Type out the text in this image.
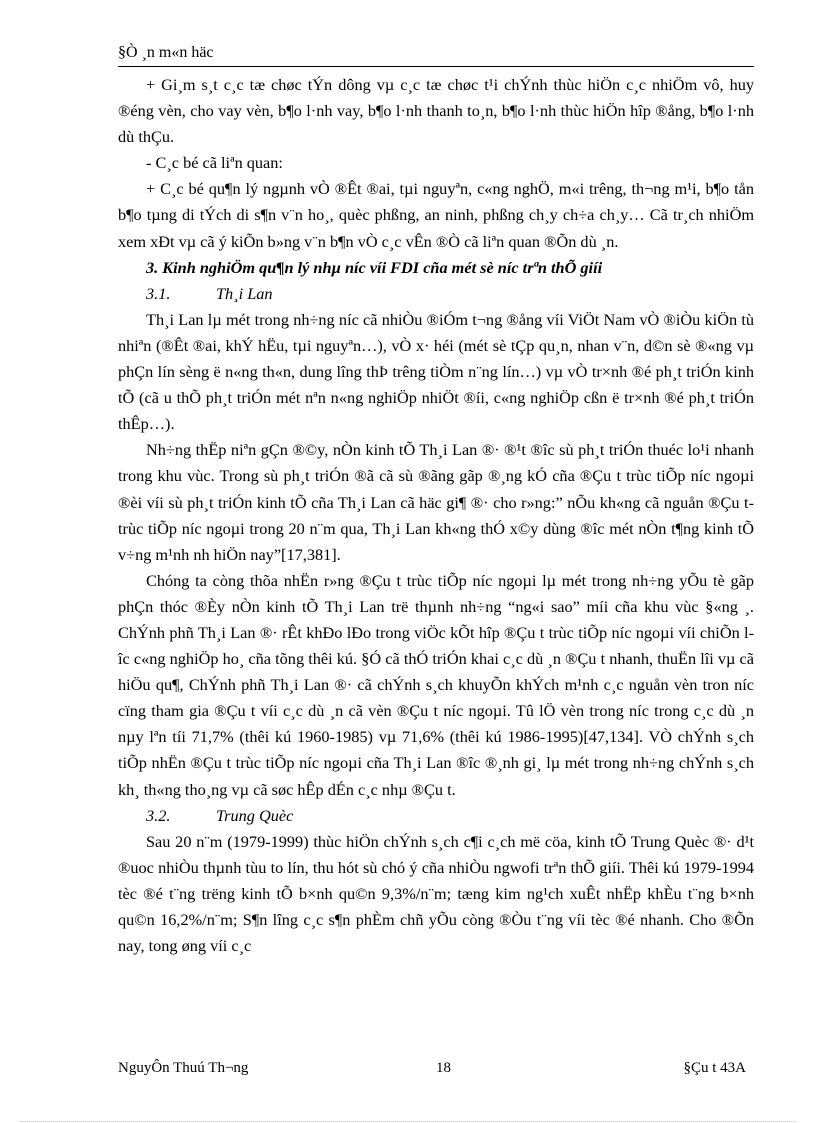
§Ò ¸n m«n häc

+ Gi¸m s¸t c¸c tæ chøc tÝn dông vµ c¸c tæ chøc t¹i chÝnh thùc hiÖn c¸c nhiÖm vô, huy ®éng vèn, cho vay vèn, b¶o l·nh vay, b¶o l·nh thanh to¸n, b¶o l·nh thùc hiÖn hîp ®ång, b¶o l·nh dù thÇu.

- C¸c bé cã liªn quan:

+ C¸c bé qu¶n lý ngµnh vÒ ®Êt ®ai, tµi nguyªn, c«ng nghÖ, m«i trêng, th¬ng m¹i, b¶o tån b¶o tµng di tÝch di s¶n v¨n ho¸, quèc phßng, an ninh, phßng ch¸y ch÷a ch¸y… Cã tr¸ch nhiÖm xem xÐt vµ cã ý kiÕn b»ng v¨n b¶n vÒ c¸c vÊn ®Ò cã liªn quan ®Õn dù ¸n.

3. Kinh nghiÖm qu¶n lý nhµ níc víi FDI cña mét sè níc trªn thÕ giíi
3.1.	Th¸i Lan

Th¸i Lan lµ mét trong nh÷ng níc cã nhiÒu ®iÓm t¬ng ®ång víi ViÖt Nam vÒ ®iÒu kiÖn tù nhiªn (®Êt ®ai, khÝ hËu, tµi nguyªn…), vÒ x· héi (mét sè tÇp qu¸n, nhan v¨n, d©n sè ®«ng vµ phÇn lín sèng ë n«ng th«n, dung lîng thÞ trêng tiÒm n¨ng lín…) vµ vÒ tr×nh ®é ph¸t triÓn kinh tÕ (cã u thÕ ph¸t triÓn mét nªn n«ng nghiÖp nhiÖt ®íi, c«ng nghiÖp cßn ë tr×nh ®é ph¸t triÓn thÊp…).

Nh÷ng thËp niªn gÇn ®©y, nÒn kinh tÕ Th¸i Lan ®· ®¹t ®îc sù ph¸t triÓn thuéc lo¹i nhanh trong khu vùc. Trong sù ph¸t triÓn ®ã cã sù ®ãng gãp ®¸ng kÓ cña ®Çu t trùc tiÕp níc ngoµi ®èi víi sù ph¸t triÓn kinh tÕ cña Th¸i Lan cã häc gi¶ ®· cho r»ng:” nÕu kh«ng cã nguån ®Çu t trùc tiÕp níc ngoµi trong 20 n¨m qua, Th¸i Lan kh«ng thÓ x©y dùng ®îc mét nÒn t¶ng kinh tÕ v÷ng m¹nh nh hiÖn nay”[17,381].

Chóng ta còng thõa nhËn r»ng ®Çu t trùc tiÕp níc ngoµi lµ mét trong nh÷ng yÕu tè gãp phÇn thóc ®Èy nÒn kinh tÕ Th¸i Lan trë thµnh nh÷ng “ng«i sao” míi cña khu vùc §«ng ¸. ChÝnh phñ Th¸i Lan ®· rÊt khÐo lÐo trong viÖc kÕt hîp ®Çu t trùc tiÕp níc ngoµi víi chiÕn lîc c«ng nghiÖp ho¸ cña tõng thêi kú. §Ó cã thÓ triÓn khai c¸c dù ¸n ®Çu t nhanh, thuËn lîi vµ cã hiÖu qu¶, ChÝnh phñ Th¸i Lan ®· cã chÝnh s¸ch khuyÕn khÝch m¹nh c¸c nguån vèn tron níc cïng tham gia ®Çu t víi c¸c dù ¸n cã vèn ®Çu t níc ngoµi. Tû lÖ vèn trong níc trong c¸c dù ¸n nµy lªn tíi 71,7% (thêi kú 1960-1985) vµ 71,6% (thêi kú 1986-1995)[47,134]. VÒ chÝnh s¸ch tiÕp nhËn ®Çu t trùc tiÕp níc ngoµi cña Th¸i Lan ®îc ®¸nh gi¸ lµ mét trong nh÷ng chÝnh s¸ch kh¸ th«ng tho¸ng vµ cã søc hÊp dÉn c¸c nhµ ®Çu t.

3.2.	Trung Quèc

Sau 20 n¨m (1979-1999) thùc hiÖn chÝnh s¸ch c¶i c¸ch më cöa, kinh tÕ Trung Quèc ®· d¹t ®uoc nhiÒu thµnh tùu to lín, thu hót sù chó ý cña nhiÒu ngwofi trªn thÕ giíi. Thêi kú 1979-1994 tèc ®é t¨ng trëng kinh tÕ b×nh qu©n 9,3%/n¨m; tæng kim ng¹ch xuÊt nhËp khÈu t¨ng b×nh qu©n 16,2%/n¨m; S¶n lîng c¸c s¶n phÈm chñ yÕu còng ®Òu t¨ng víi tèc ®é nhanh. Cho ®Õn nay, tong øng víi c¸c

NguyÔn Thuú Th¬ng	18	§Çu t 43A
